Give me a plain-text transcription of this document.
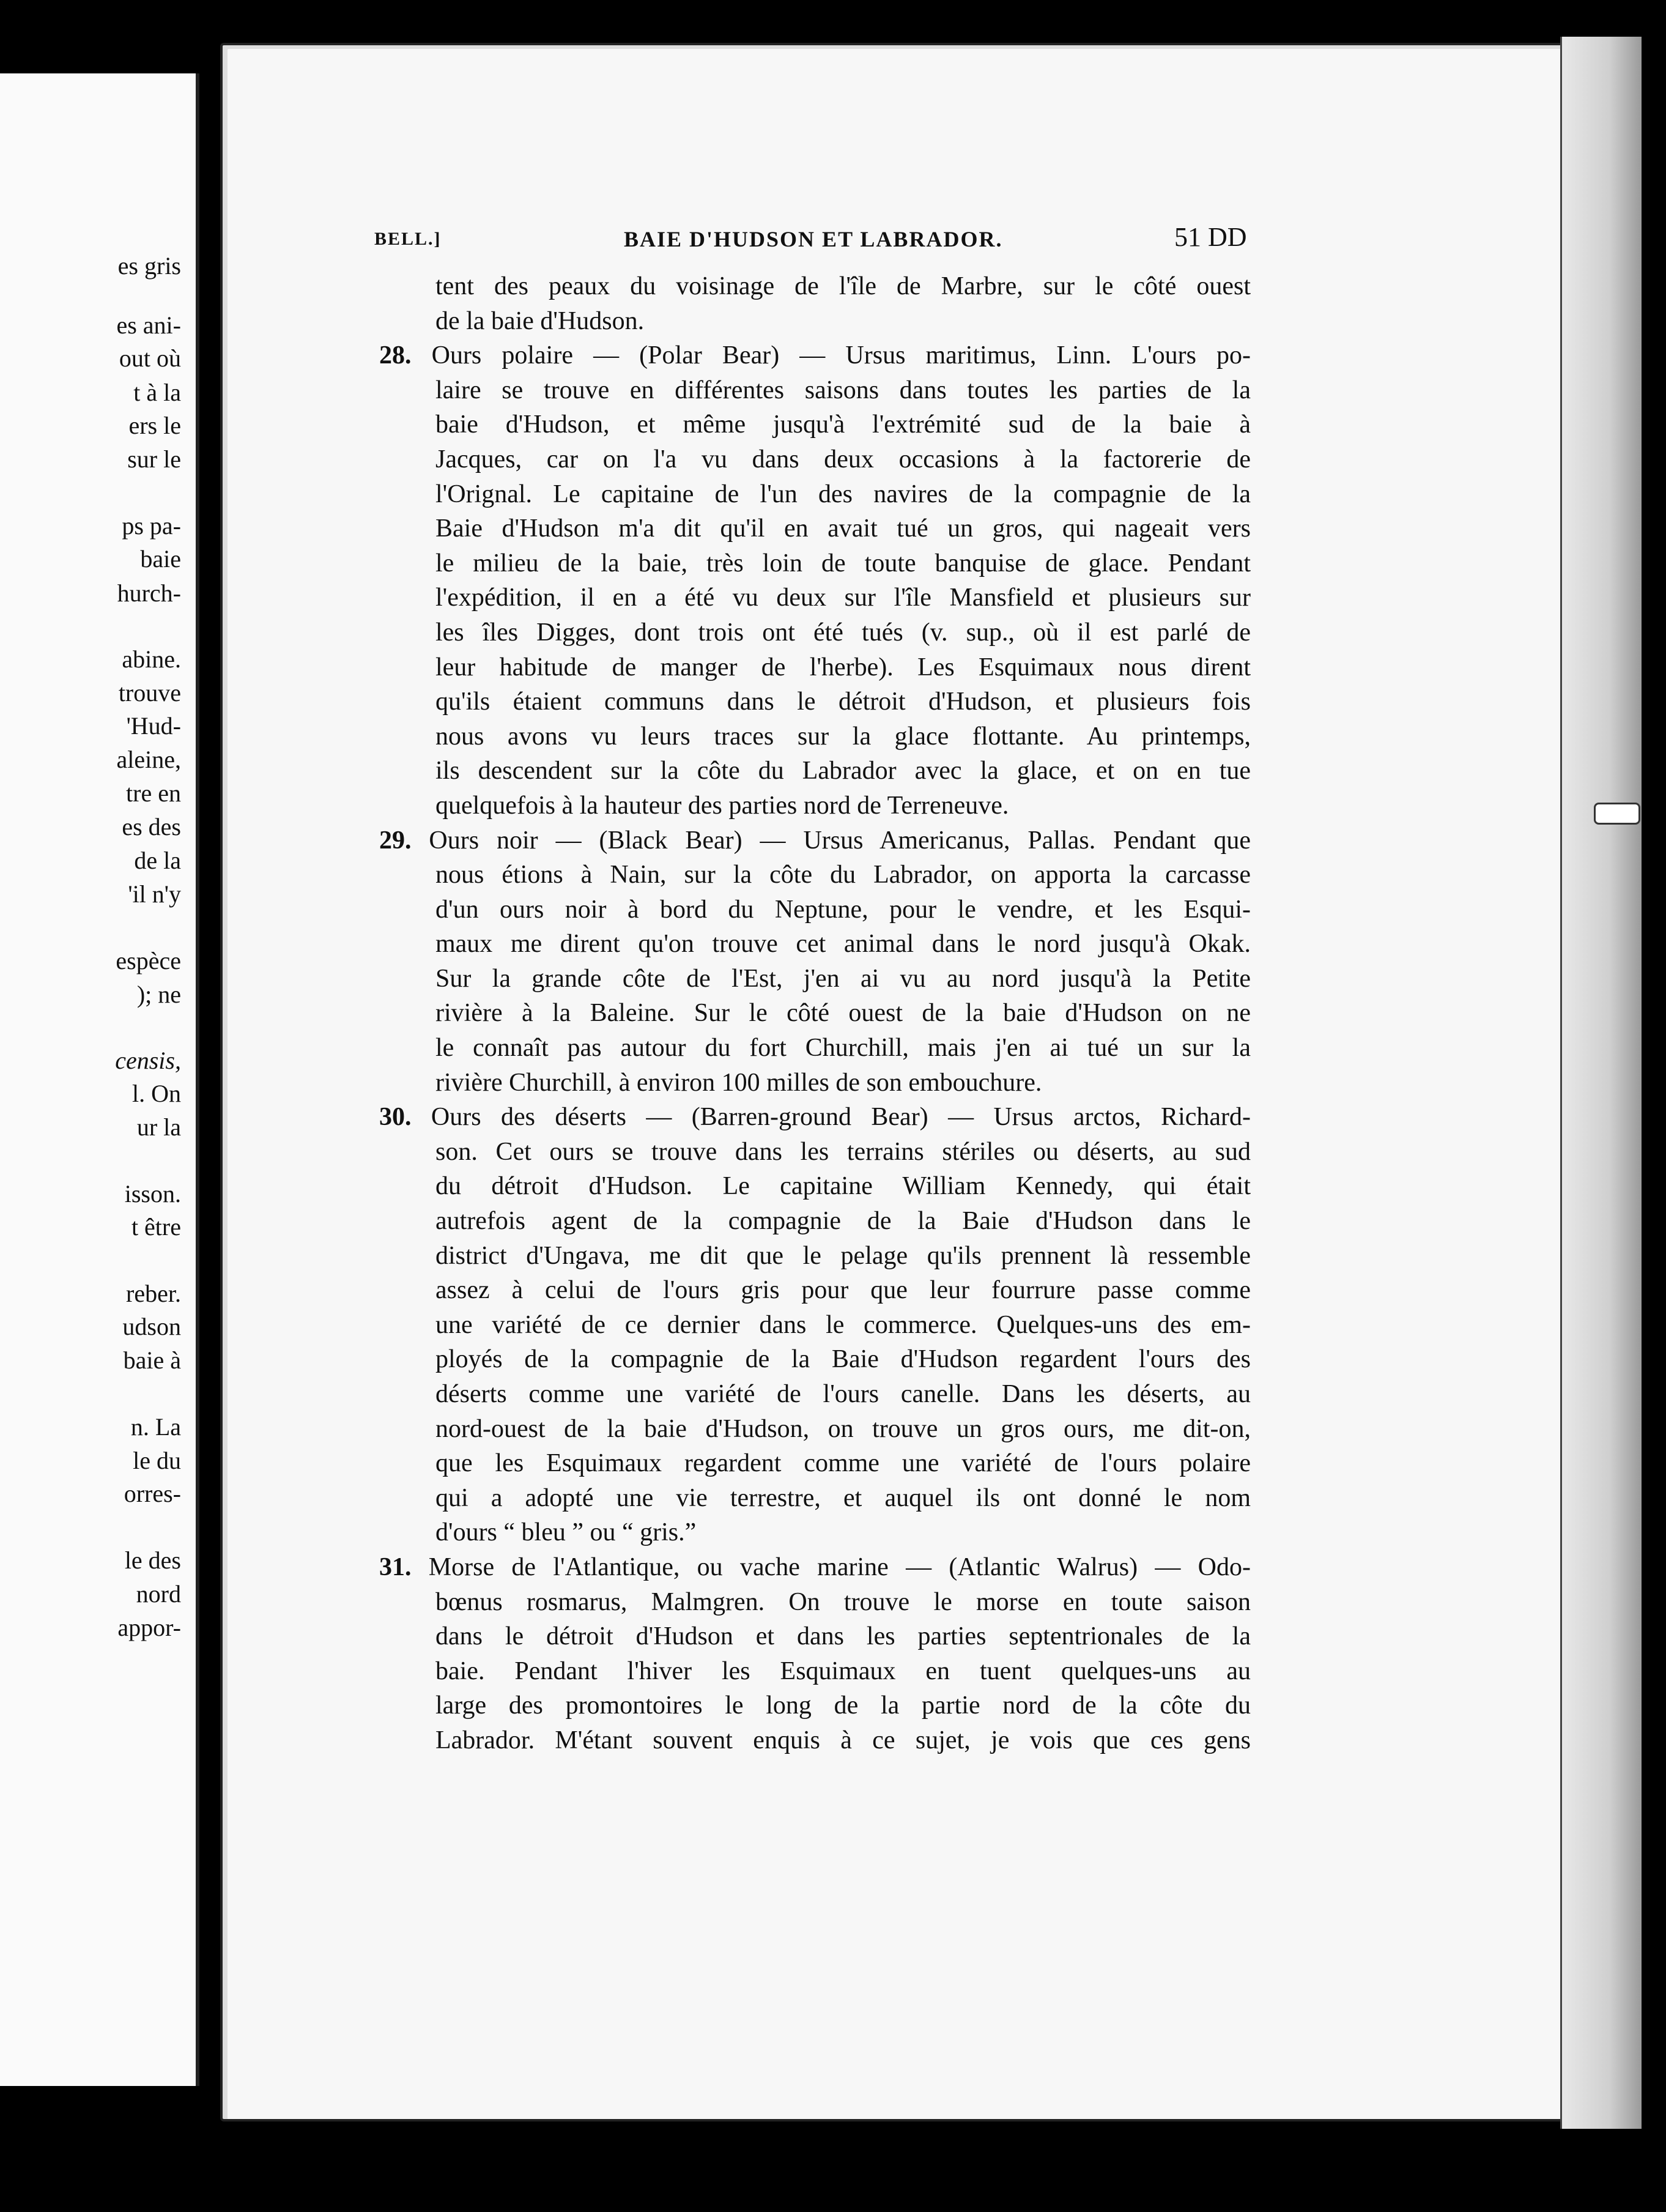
es gris
es ani-
out où
t à la
ers le
sur le
ps pa-
baie
hurch-
abine.
trouve
'Hud-
aleine,
tre en
es des
de la
'il n'y
espèce
); ne
censis,
l. On
ur la
isson.
t être
reber.
udson
baie à
n. La
le du
orres-
le des
nord
appor-
BELL.]	BAIE D'HUDSON ET LABRADOR.	51 DD
tent des peaux du voisinage de l'île de Marbre, sur le côté ouest
de la baie d'Hudson.
28. Ours polaire — (Polar Bear) — Ursus maritimus, Linn. L'ours po-
laire se trouve en différentes saisons dans toutes les parties de la
baie d'Hudson, et même jusqu'à l'extrémité sud de la baie à
Jacques, car on l'a vu dans deux occasions à la factorerie de
l'Orignal. Le capitaine de l'un des navires de la compagnie de la
Baie d'Hudson m'a dit qu'il en avait tué un gros, qui nageait vers
le milieu de la baie, très loin de toute banquise de glace. Pendant
l'expédition, il en a été vu deux sur l'île Mansfield et plusieurs sur
les îles Digges, dont trois ont été tués (v. sup., où il est parlé de
leur habitude de manger de l'herbe). Les Esquimaux nous dirent
qu'ils étaient communs dans le détroit d'Hudson, et plusieurs fois
nous avons vu leurs traces sur la glace flottante. Au printemps,
ils descendent sur la côte du Labrador avec la glace, et on en tue
quelquefois à la hauteur des parties nord de Terreneuve.
29. Ours noir — (Black Bear) — Ursus Americanus, Pallas. Pendant que
nous étions à Nain, sur la côte du Labrador, on apporta la carcasse
d'un ours noir à bord du Neptune, pour le vendre, et les Esqui-
maux me dirent qu'on trouve cet animal dans le nord jusqu'à Okak.
Sur la grande côte de l'Est, j'en ai vu au nord jusqu'à la Petite
rivière à la Baleine. Sur le côté ouest de la baie d'Hudson on ne
le connaît pas autour du fort Churchill, mais j'en ai tué un sur la
rivière Churchill, à environ 100 milles de son embouchure.
30. Ours des déserts — (Barren-ground Bear) — Ursus arctos, Richard-
son. Cet ours se trouve dans les terrains stériles ou déserts, au sud
du détroit d'Hudson. Le capitaine William Kennedy, qui était
autrefois agent de la compagnie de la Baie d'Hudson dans le
district d'Ungava, me dit que le pelage qu'ils prennent là ressemble
assez à celui de l'ours gris pour que leur fourrure passe comme
une variété de ce dernier dans le commerce. Quelques-uns des em-
ployés de la compagnie de la Baie d'Hudson regardent l'ours des
déserts comme une variété de l'ours canelle. Dans les déserts, au
nord-ouest de la baie d'Hudson, on trouve un gros ours, me dit-on,
que les Esquimaux regardent comme une variété de l'ours polaire
qui a adopté une vie terrestre, et auquel ils ont donné le nom
d'ours “ bleu ” ou “ gris.”
31. Morse de l'Atlantique, ou vache marine — (Atlantic Walrus) — Odo-
bœnus rosmarus, Malmgren. On trouve le morse en toute saison
dans le détroit d'Hudson et dans les parties septentrionales de la
baie. Pendant l'hiver les Esquimaux en tuent quelques-uns au
large des promontoires le long de la partie nord de la côte du
Labrador. M'étant souvent enquis à ce sujet, je vois que ces gens
